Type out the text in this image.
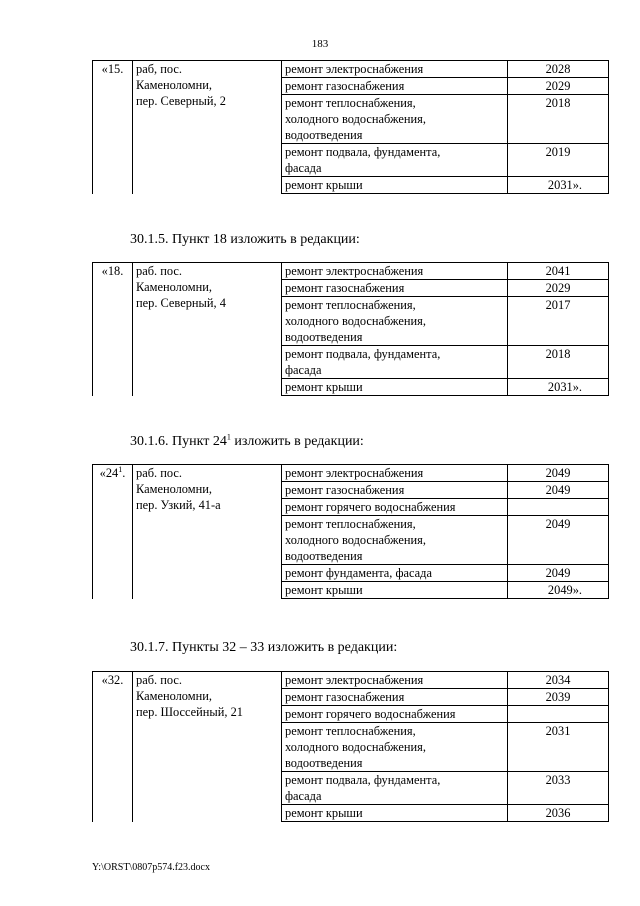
183
«15.	раб, пос.
Каменоломни,
пер. Северный, 2	ремонт электроснабжения	2028

		ремонт газоснабжения	2029

		ремонт теплоснабжения,
холодного водоснабжения,
водоотведения	2018

		ремонт подвала, фундамента,
фасада	2019

		ремонт крыши	2031».
30.1.5. Пункт 18 изложить в редакции:
«18.	раб. пос.
Каменоломни,
пер. Северный, 4	ремонт электроснабжения	2041

		ремонт газоснабжения	2029

		ремонт теплоснабжения,
холодного водоснабжения,
водоотведения	2017

		ремонт подвала, фундамента,
фасада	2018

		ремонт крыши	2031».
30.1.6. Пункт $24^1$ изложить в редакции:
«$24^1$.	раб. пос.
Каменоломни,
пер. Узкий, 41-а	ремонт электроснабжения	2049

		ремонт газоснабжения	2049

		ремонт горячего водоснабжения	

		ремонт теплоснабжения,
холодного водоснабжения,
водоотведения	2049

		ремонт фундамента, фасада	2049

		ремонт крыши	2049».
30.1.7. Пункты 32 – 33 изложить в редакции:
«32.	раб. пос.
Каменоломни,
пер. Шоссейный, 21	ремонт электроснабжения	2034

		ремонт газоснабжения	2039

		ремонт горячего водоснабжения	

		ремонт теплоснабжения,
холодного водоснабжения,
водоотведения	2031

		ремонт подвала, фундамента,
фасада	2033

		ремонт крыши	2036
Y:\ORST\0807p574.f23.docx
